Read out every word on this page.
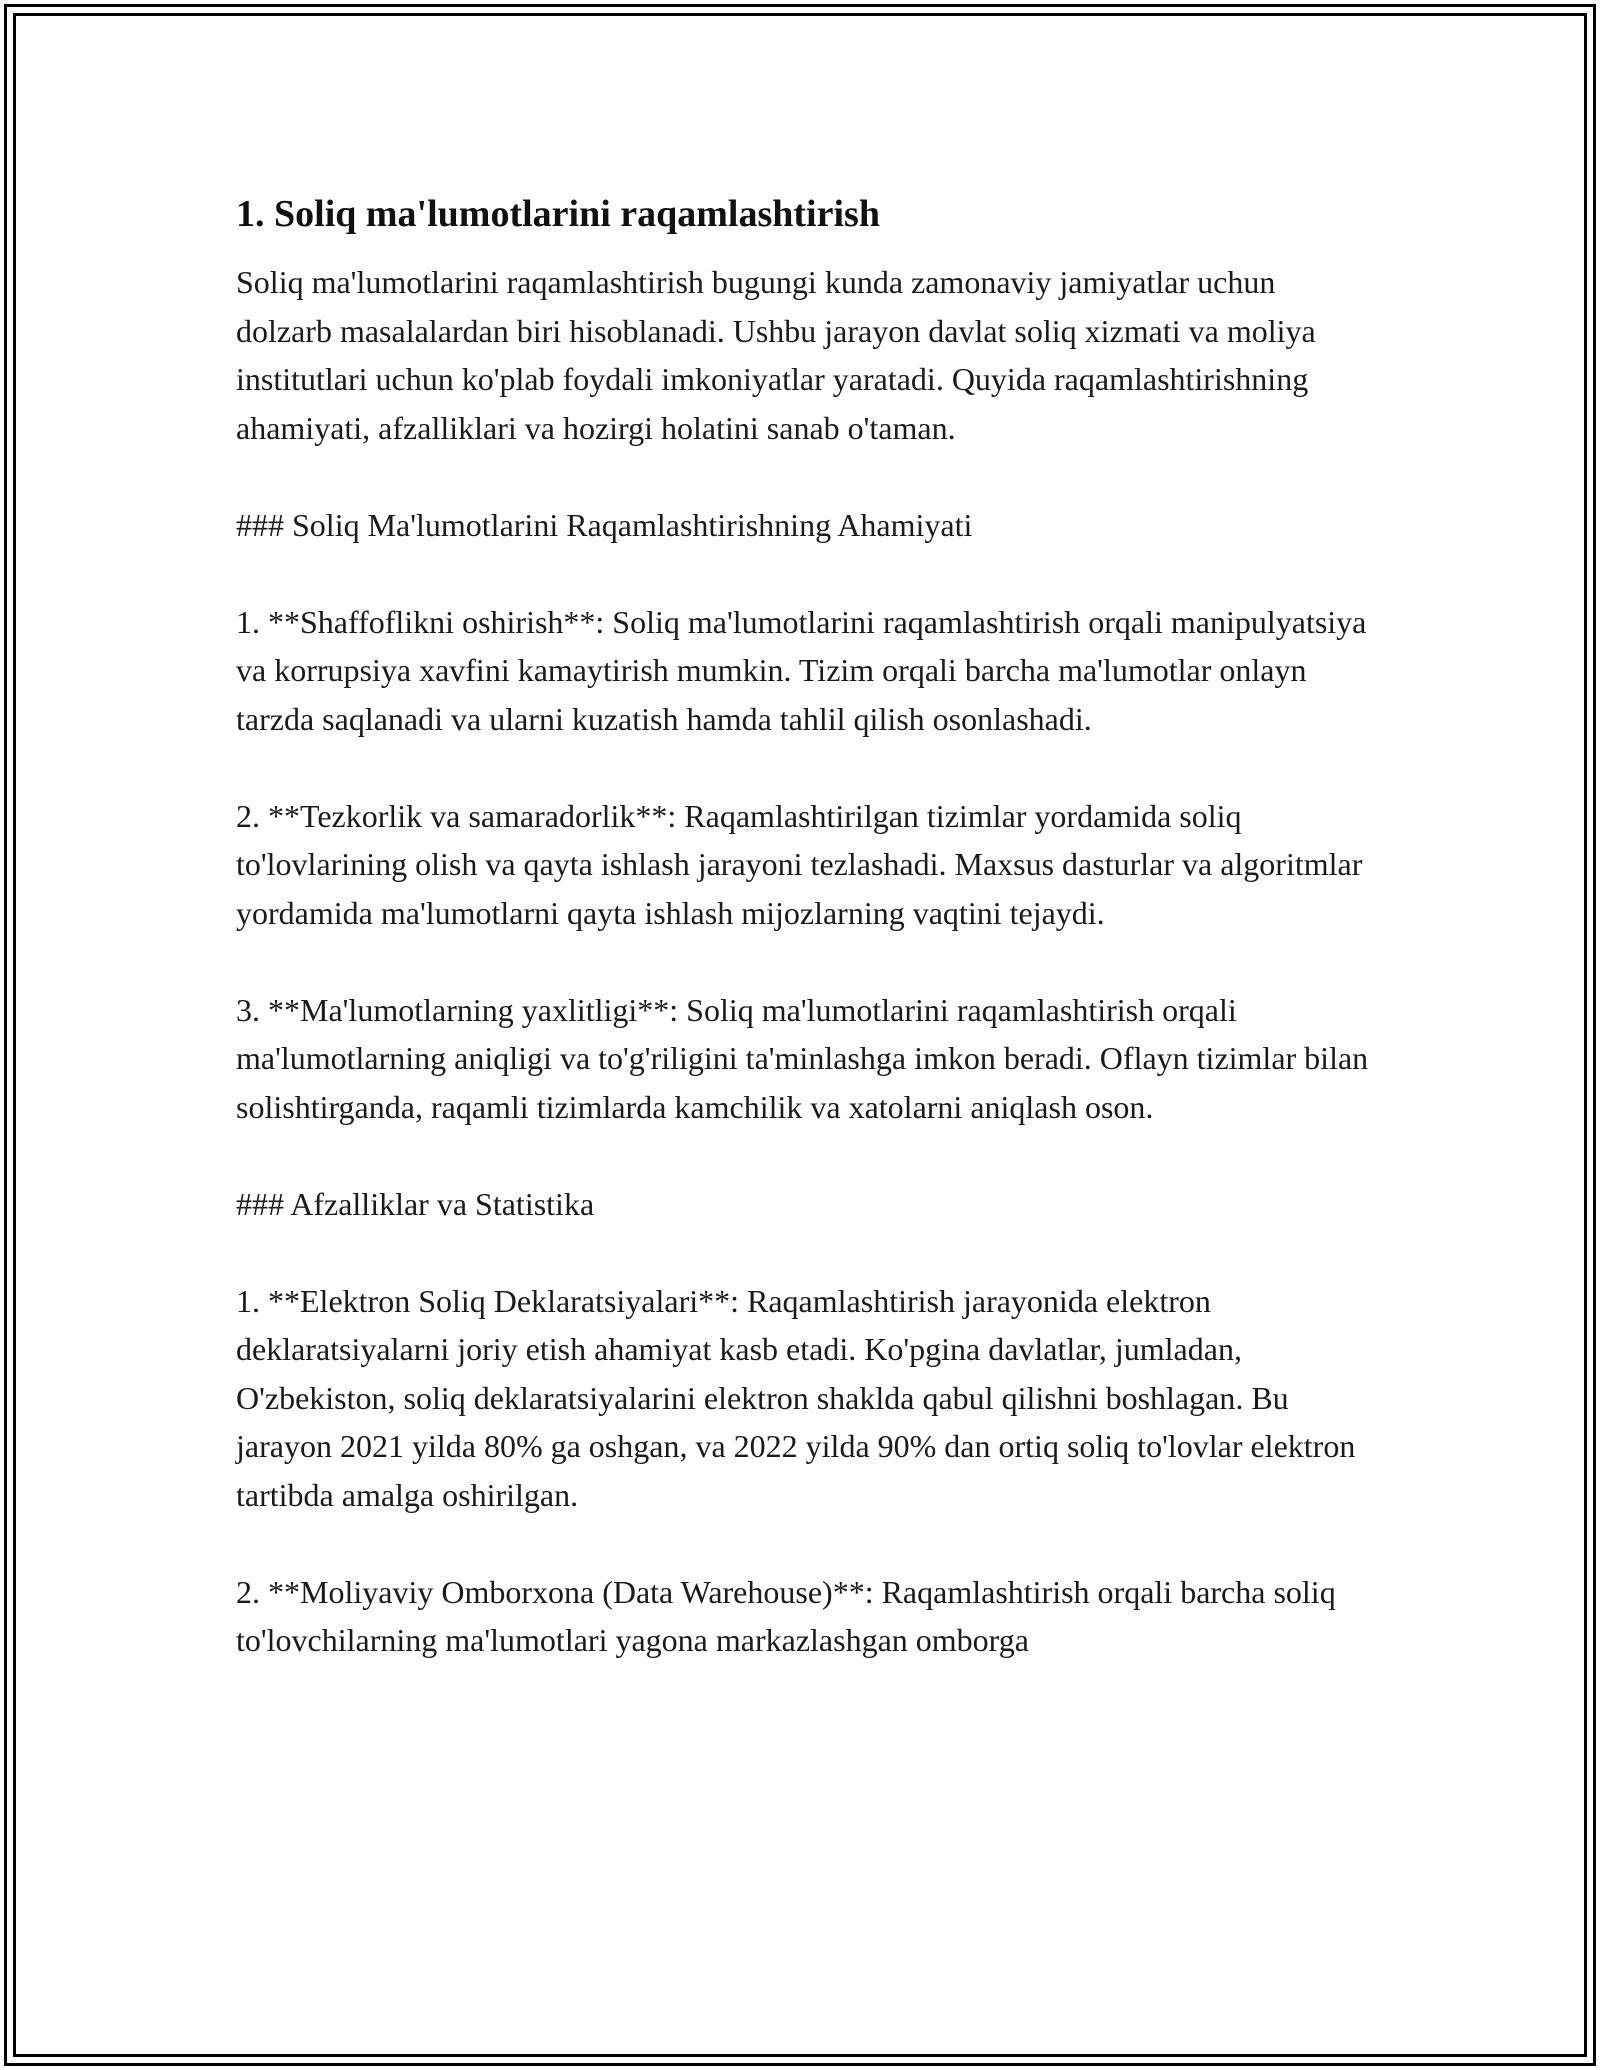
1. Soliq ma'lumotlarini raqamlashtirish

Soliq ma'lumotlarini raqamlashtirish bugungi kunda zamonaviy jamiyatlar uchun dolzarb masalalardan biri hisoblanadi. Ushbu jarayon davlat soliq xizmati va moliya institutlari uchun ko'plab foydali imkoniyatlar yaratadi. Quyida raqamlashtirishning ahamiyati, afzalliklari va hozirgi holatini sanab o'taman.

### Soliq Ma'lumotlarini Raqamlashtirishning Ahamiyati

1. **Shaffoflikni oshirish**: Soliq ma'lumotlarini raqamlashtirish orqali manipulyatsiya va korrupsiya xavfini kamaytirish mumkin. Tizim orqali barcha ma'lumotlar onlayn tarzda saqlanadi va ularni kuzatish hamda tahlil qilish osonlashadi.

2. **Tezkorlik va samaradorlik**: Raqamlashtirilgan tizimlar yordamida soliq to'lovlarining olish va qayta ishlash jarayoni tezlashadi. Maxsus dasturlar va algoritmlar yordamida ma'lumotlarni qayta ishlash mijozlarning vaqtini tejaydi.

3. **Ma'lumotlarning yaxlitligi**: Soliq ma'lumotlarini raqamlashtirish orqali ma'lumotlarning aniqligi va to'g'riligini ta'minlashga imkon beradi. Oflayn tizimlar bilan solishtirganda, raqamli tizimlarda kamchilik va xatolarni aniqlash oson.

### Afzalliklar va Statistika

1. **Elektron Soliq Deklaratsiyalari**: Raqamlashtirish jarayonida elektron deklaratsiyalarni joriy etish ahamiyat kasb etadi. Ko'pgina davlatlar, jumladan, O'zbekiston, soliq deklaratsiyalarini elektron shaklda qabul qilishni boshlagan. Bu jarayon 2021 yilda 80% ga oshgan, va 2022 yilda 90% dan ortiq soliq to'lovlar elektron tartibda amalga oshirilgan.

2. **Moliyaviy Omborxona (Data Warehouse)**: Raqamlashtirish orqali barcha soliq to'lovchilarning ma'lumotlari yagona markazlashgan omborga
